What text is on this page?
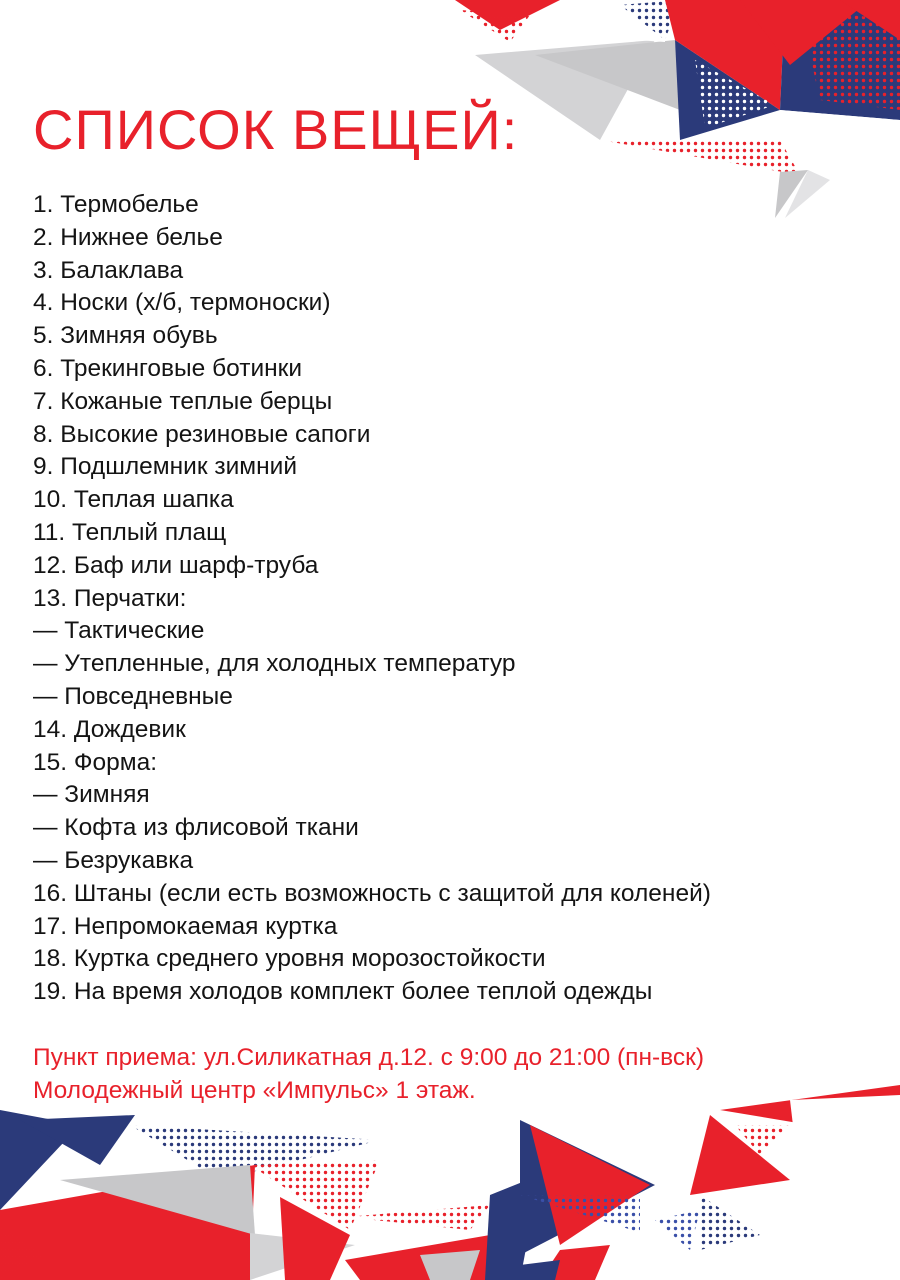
СПИСОК ВЕЩЕЙ:
1. Термобелье
2. Нижнее белье
3. Балаклава
4. Носки (х/б, термоноски)
5. Зимняя обувь
6. Трекинговые ботинки
7. Кожаные теплые берцы
8. Высокие резиновые сапоги
9. Подшлемник зимний
10. Теплая шапка
11. Теплый плащ
12. Баф или шарф-труба
13. Перчатки:
— Тактические
— Утепленные, для холодных температур
— Повседневные
14. Дождевик
15. Форма:
— Зимняя
— Кофта из флисовой ткани
— Безрукавка
16. Штаны (если есть возможность с защитой для коленей)
17. Непромокаемая куртка
18. Куртка среднего уровня морозостойкости
19. На время холодов комплект более теплой одежды
Пункт приема: ул.Силикатная д.12. с 9:00 до 21:00 (пн-вск)
Молодежный центр «Импульс» 1 этаж.
